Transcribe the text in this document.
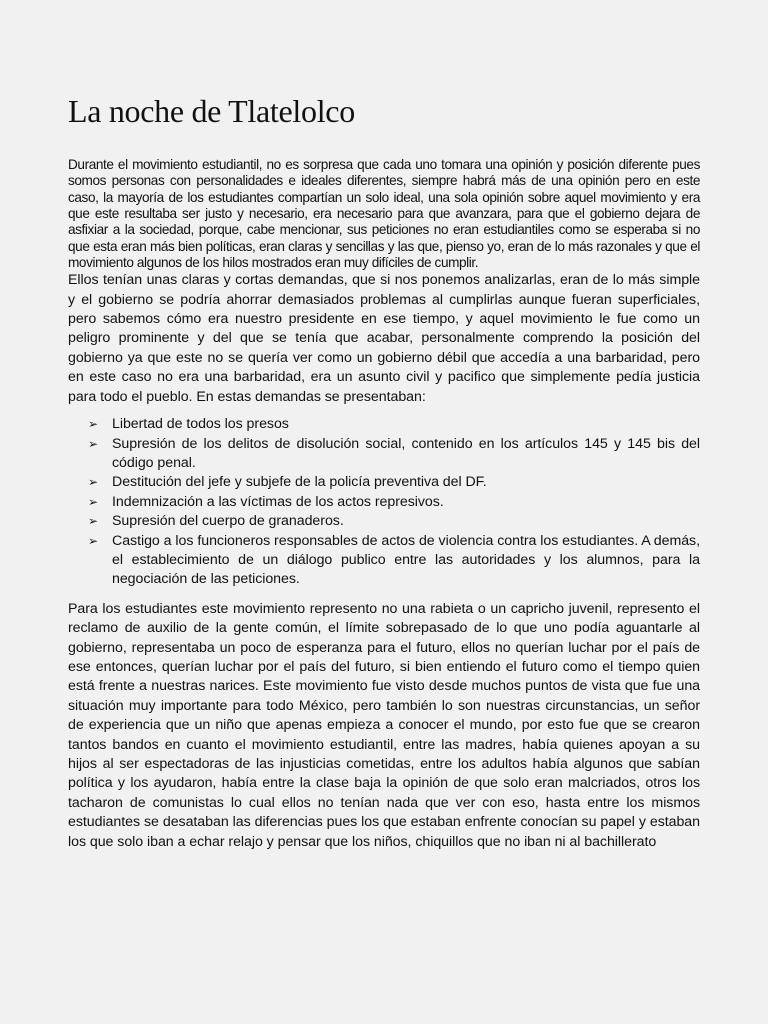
La noche de Tlatelolco

Durante el movimiento estudiantil, no es sorpresa que cada uno tomara una opinión y posición diferente pues somos personas con personalidades e ideales diferentes, siempre habrá más de una opinión pero en este caso, la mayoría de los estudiantes compartían un solo ideal, una sola opinión sobre aquel movimiento y era que este resultaba ser justo y necesario, era necesario para que avanzara, para que el gobierno dejara de asfixiar a la sociedad, porque, cabe mencionar, sus peticiones no eran estudiantiles como se esperaba si no que esta eran más bien políticas, eran claras y sencillas y las que, pienso yo, eran de lo más razonales y que el movimiento algunos de los hilos mostrados eran muy difíciles de cumplir.

Ellos tenían unas claras y cortas demandas, que si nos ponemos analizarlas, eran de lo más simple y el gobierno se podría ahorrar demasiados problemas al cumplirlas aunque fueran superficiales, pero sabemos cómo era nuestro presidente en ese tiempo, y aquel movimiento le fue como un peligro prominente y del que se tenía que acabar, personalmente comprendo la posición del gobierno ya que este no se quería ver como un gobierno débil que accedía a una barbaridad, pero en este caso no era una barbaridad, era un asunto civil y pacifico que simplemente pedía justicia para todo el pueblo. En estas demandas se presentaban:

➢ Libertad de todos los presos
➢ Supresión de los delitos de disolución social, contenido en los artículos 145 y 145 bis del código penal.
➢ Destitución del jefe y subjefe de la policía preventiva del DF.
➢ Indemnización a las víctimas de los actos represivos.
➢ Supresión del cuerpo de granaderos.
➢ Castigo a los funcioneros responsables de actos de violencia contra los estudiantes. A demás, el establecimiento de un diálogo publico entre las autoridades y los alumnos, para la negociación de las peticiones.

Para los estudiantes este movimiento represento no una rabieta o un capricho juvenil, represento el reclamo de auxilio de la gente común, el límite sobrepasado de lo que uno podía aguantarle al gobierno, representaba un poco de esperanza para el futuro, ellos no querían luchar por el país de ese entonces, querían luchar por el país del futuro, si bien entiendo el futuro como el tiempo quien está frente a nuestras narices. Este movimiento fue visto desde muchos puntos de vista que fue una situación muy importante para todo México, pero también lo son nuestras circunstancias, un señor de experiencia que un niño que apenas empieza a conocer el mundo, por esto fue que se crearon tantos bandos en cuanto el movimiento estudiantil, entre las madres, había quienes apoyan a su hijos al ser espectadoras de las injusticias cometidas, entre los adultos había algunos que sabían política y los ayudaron, había entre la clase baja la opinión de que solo eran malcriados, otros los tacharon de comunistas lo cual ellos no tenían nada que ver con eso, hasta entre los mismos estudiantes se desataban las diferencias pues los que estaban enfrente conocían su papel y estaban los que solo iban a echar relajo y pensar que los niños, chiquillos que no iban ni al bachillerato
